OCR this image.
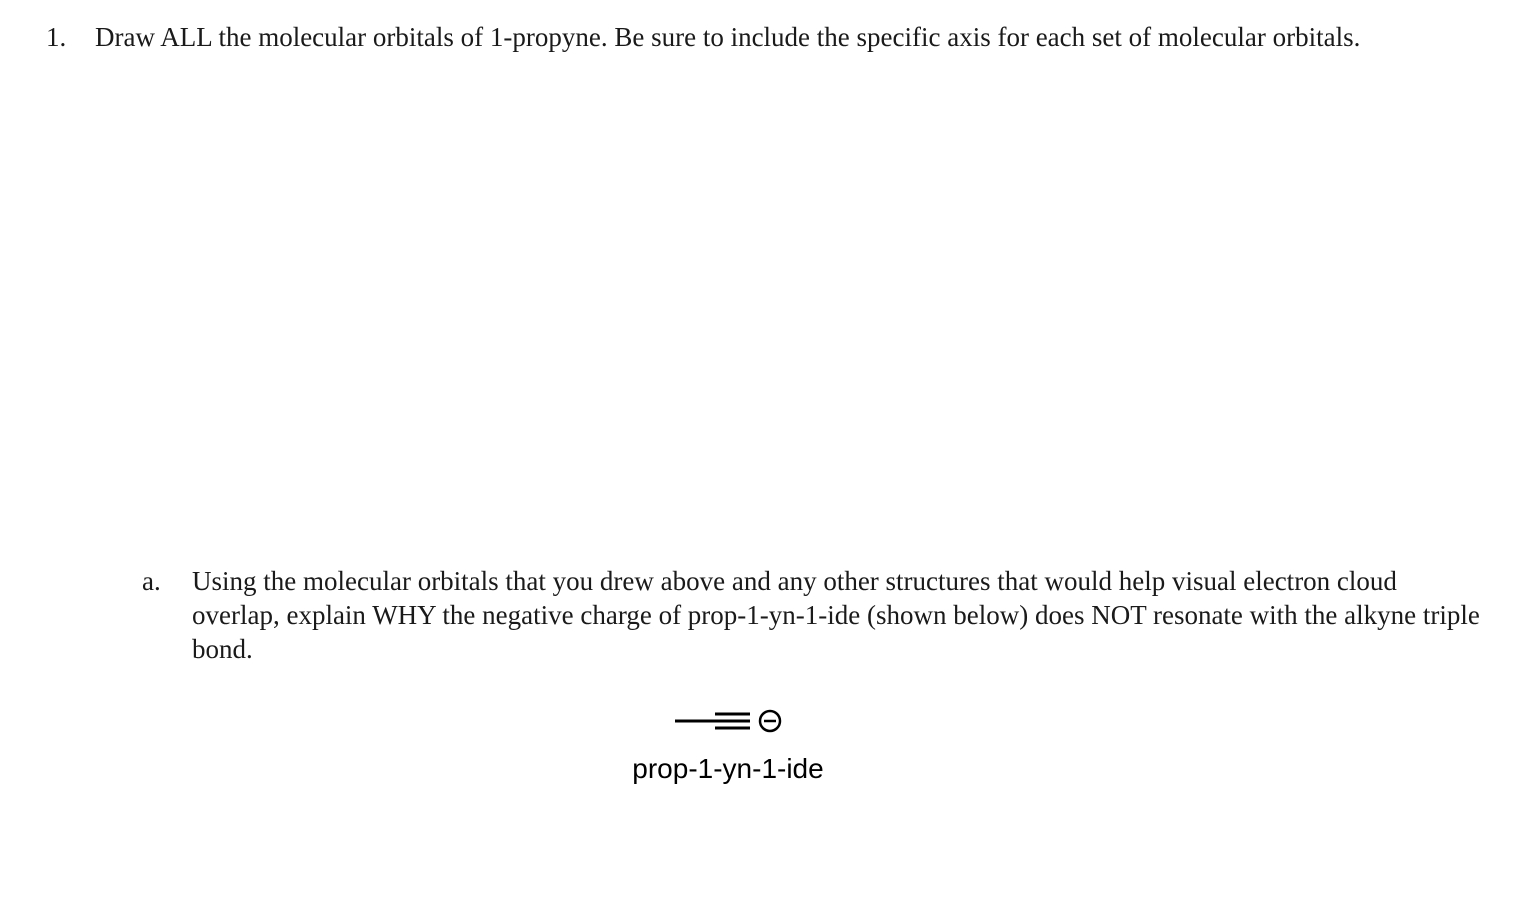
1. Draw ALL the molecular orbitals of 1-propyne. Be sure to include the specific axis for each set of molecular orbitals.
a. Using the molecular orbitals that you drew above and any other structures that would help visual electron cloud overlap, explain WHY the negative charge of prop-1-yn-1-ide (shown below) does NOT resonate with the alkyne triple bond.
prop-1-yn-1-ide
